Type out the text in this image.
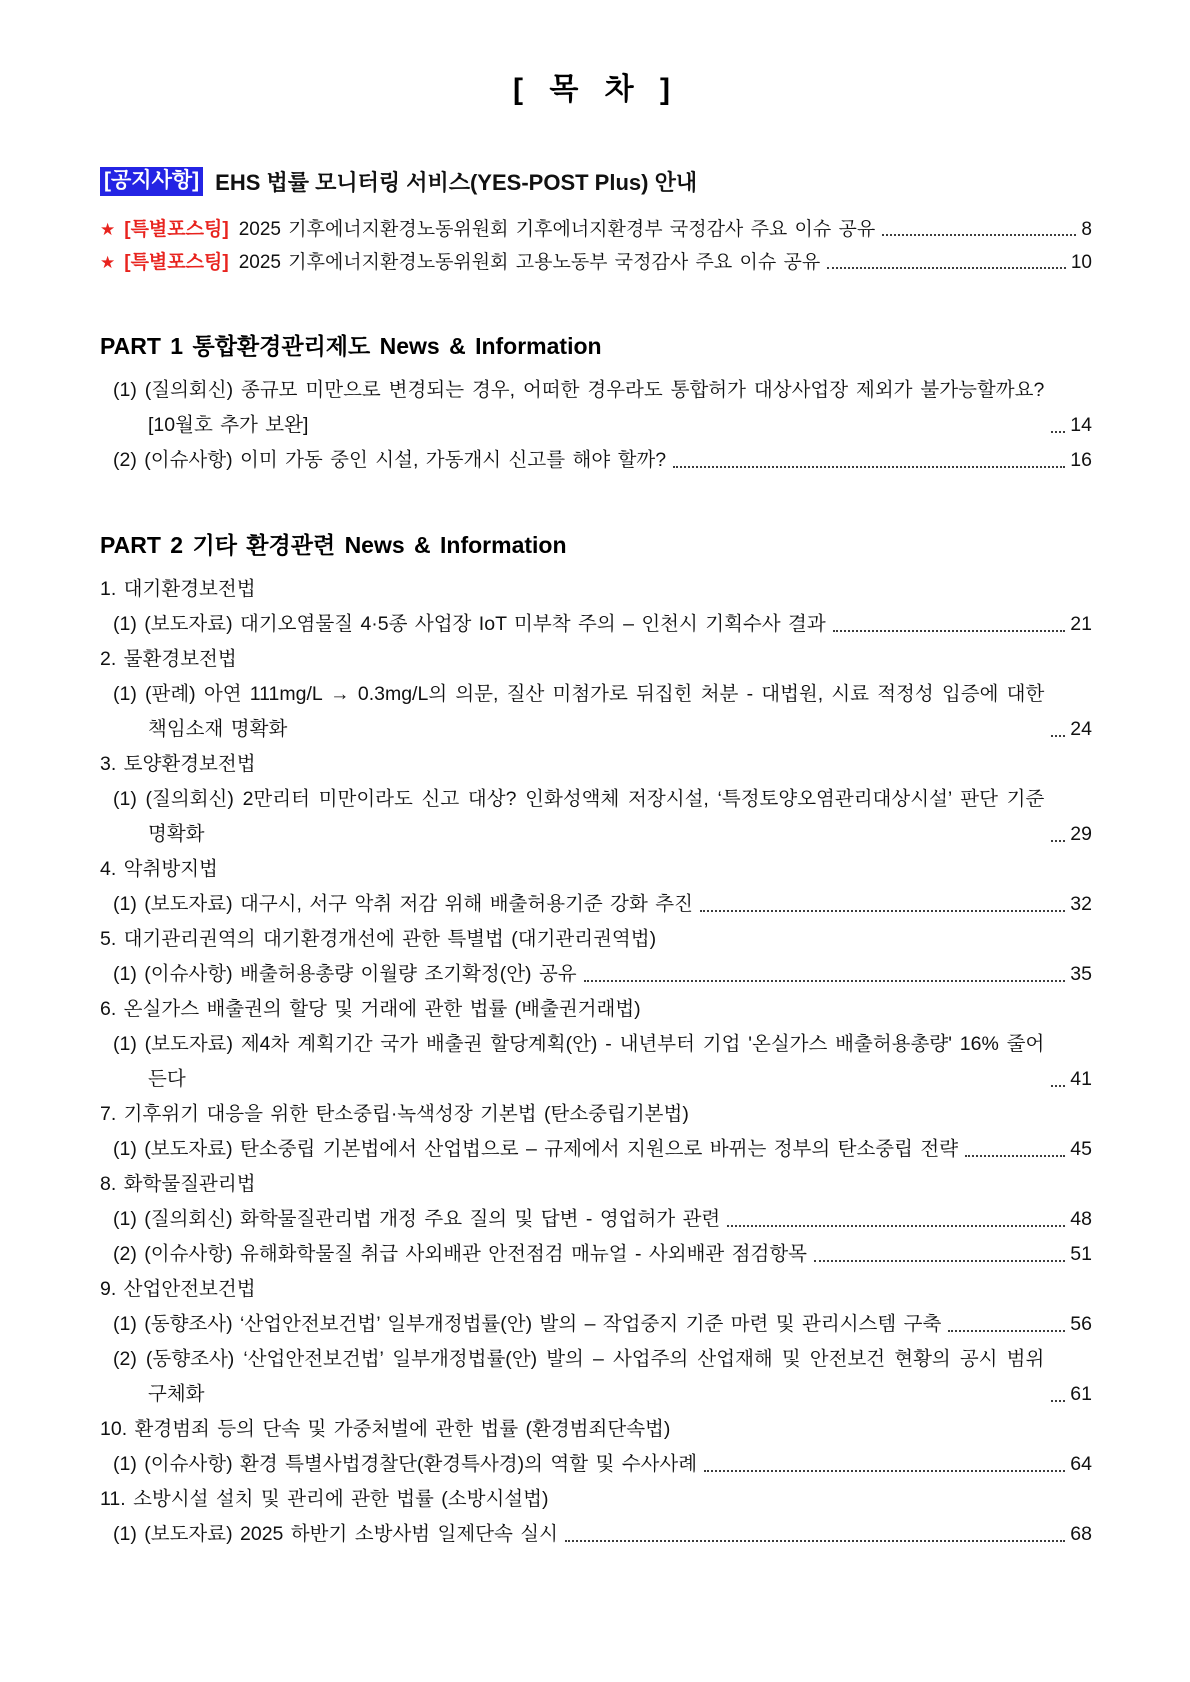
[ 목 차 ]
[공지사항] EHS 법률 모니터링 서비스(YES-POST Plus) 안내
★ [특별포스팅] 2025 기후에너지환경노동위원회 기후에너지환경부 국정감사 주요 이슈 공유	8
★ [특별포스팅] 2025 기후에너지환경노동위원회 고용노동부 국정감사 주요 이슈 공유	10
PART 1 통합환경관리제도 News & Information
(1) (질의회신) 종규모 미만으로 변경되는 경우, 어떠한 경우라도 통합허가 대상사업장 제외가 불가능할까요? [10월호 추가 보완]	14
(2) (이슈사항) 이미 가동 중인 시설, 가동개시 신고를 해야 할까?	16
PART 2 기타 환경관련 News & Information
1. 대기환경보전법
(1) (보도자료) 대기오염물질 4·5종 사업장 IoT 미부착 주의 – 인천시 기획수사 결과	21
2. 물환경보전법
(1) (판례) 아연 111mg/L → 0.3mg/L의 의문, 질산 미첨가로 뒤집힌 처분 - 대법원, 시료 적정성 입증에 대한 책임소재 명확화	24
3. 토양환경보전법
(1) (질의회신) 2만리터 미만이라도 신고 대상? 인화성액체 저장시설, ‘특정토양오염관리대상시설’ 판단 기준 명확화	29
4. 악취방지법
(1) (보도자료) 대구시, 서구 악취 저감 위해 배출허용기준 강화 추진	32
5. 대기관리권역의 대기환경개선에 관한 특별법 (대기관리권역법)
(1) (이슈사항) 배출허용총량 이월량 조기확정(안) 공유	35
6. 온실가스 배출권의 할당 및 거래에 관한 법률 (배출권거래법)
(1) (보도자료) 제4차 계획기간 국가 배출권 할당계획(안) - 내년부터 기업 '온실가스 배출허용총량' 16% 줄어든다	41
7. 기후위기 대응을 위한 탄소중립·녹색성장 기본법 (탄소중립기본법)
(1) (보도자료) 탄소중립 기본법에서 산업법으로 – 규제에서 지원으로 바뀌는 정부의 탄소중립 전략	45
8. 화학물질관리법
(1) (질의회신) 화학물질관리법 개정 주요 질의 및 답변 - 영업허가 관련	48
(2) (이슈사항) 유해화학물질 취급 사외배관 안전점검 매뉴얼 - 사외배관 점검항목	51
9. 산업안전보건법
(1) (동향조사) ‘산업안전보건법’ 일부개정법률(안) 발의 – 작업중지 기준 마련 및 관리시스템 구축	56
(2) (동향조사) ‘산업안전보건법’ 일부개정법률(안) 발의 – 사업주의 산업재해 및 안전보건 현황의 공시 범위 구체화	61
10. 환경범죄 등의 단속 및 가중처벌에 관한 법률 (환경범죄단속법)
(1) (이슈사항) 환경 특별사법경찰단(환경특사경)의 역할 및 수사사례	64
11. 소방시설 설치 및 관리에 관한 법률 (소방시설법)
(1) (보도자료) 2025 하반기 소방사범 일제단속 실시	68
